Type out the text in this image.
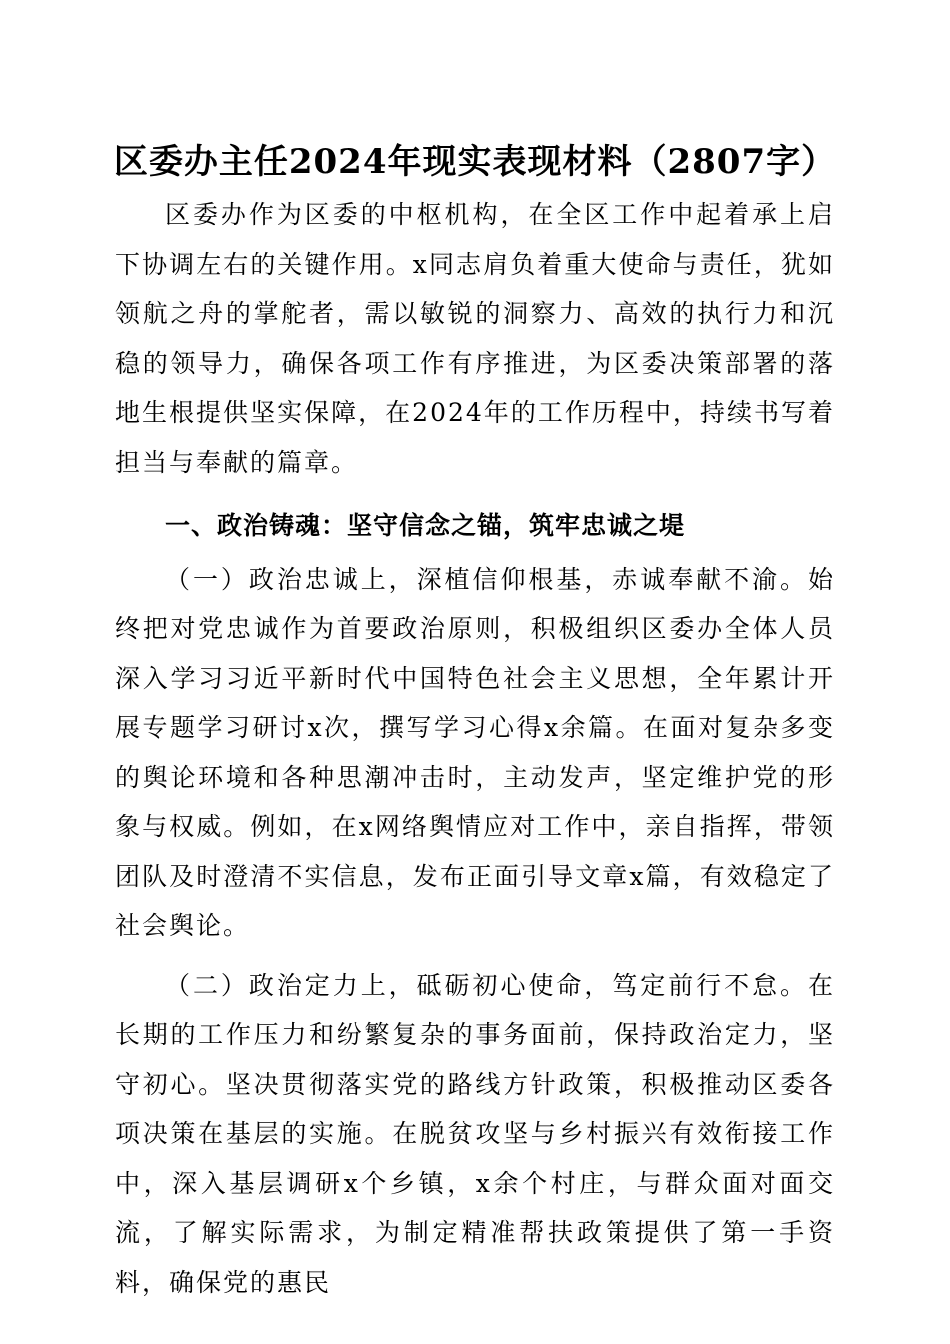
区委办主任2024年现实表现材料（2807字）

区委办作为区委的中枢机构，在全区工作中起着承上启下协调左右的关键作用。x同志肩负着重大使命与责任，犹如领航之舟的掌舵者，需以敏锐的洞察力、高效的执行力和沉稳的领导力，确保各项工作有序推进，为区委决策部署的落地生根提供坚实保障，在2024年的工作历程中，持续书写着担当与奉献的篇章。

一、政治铸魂：坚守信念之锚，筑牢忠诚之堤

（一）政治忠诚上，深植信仰根基，赤诚奉献不渝。始终把对党忠诚作为首要政治原则，积极组织区委办全体人员深入学习习近平新时代中国特色社会主义思想，全年累计开展专题学习研讨x次，撰写学习心得x余篇。在面对复杂多变的舆论环境和各种思潮冲击时，主动发声，坚定维护党的形象与权威。例如，在x网络舆情应对工作中，亲自指挥，带领团队及时澄清不实信息，发布正面引导文章x篇，有效稳定了社会舆论。

（二）政治定力上，砥砺初心使命，笃定前行不怠。在长期的工作压力和纷繁复杂的事务面前，保持政治定力，坚守初心。坚决贯彻落实党的路线方针政策，积极推动区委各项决策在基层的实施。在脱贫攻坚与乡村振兴有效衔接工作中，深入基层调研x个乡镇，x余个村庄，与群众面对面交流，了解实际需求，为制定精准帮扶政策提供了第一手资料，确保党的惠民
